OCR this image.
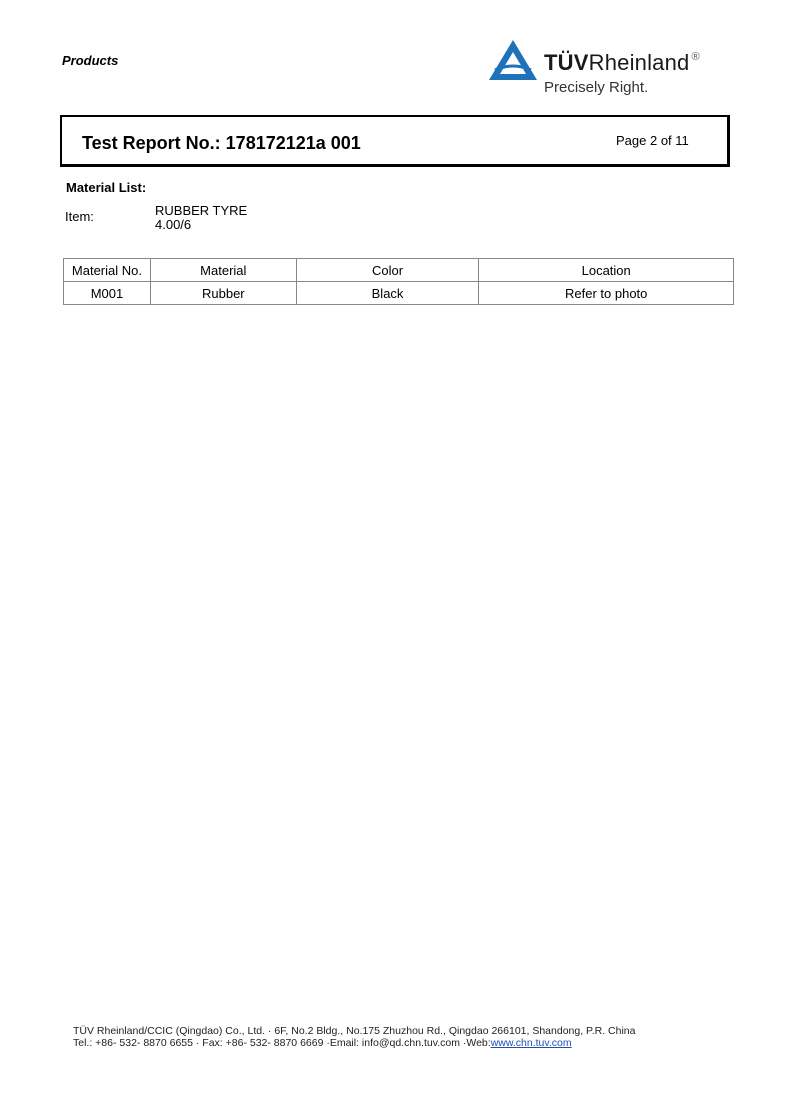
Products	TÜVRheinland ®
Precisely Right.
Test Report No.: 178172121a 001	Page 2 of 11
Material List:
Item:	RUBBER TYRE
4.00/6
Material No.	Material	Color	Location
M001	Rubber	Black	Refer to photo
TÜV Rheinland/CCIC (Qingdao) Co., Ltd. · 6F, No.2 Bldg., No.175 Zhuzhou Rd., Qingdao 266101, Shandong, P.R. China
Tel.: +86- 532- 8870 6655 · Fax: +86- 532- 8870 6669 ·Email: info@qd.chn.tuv.com ·Web:www.chn.tuv.com
